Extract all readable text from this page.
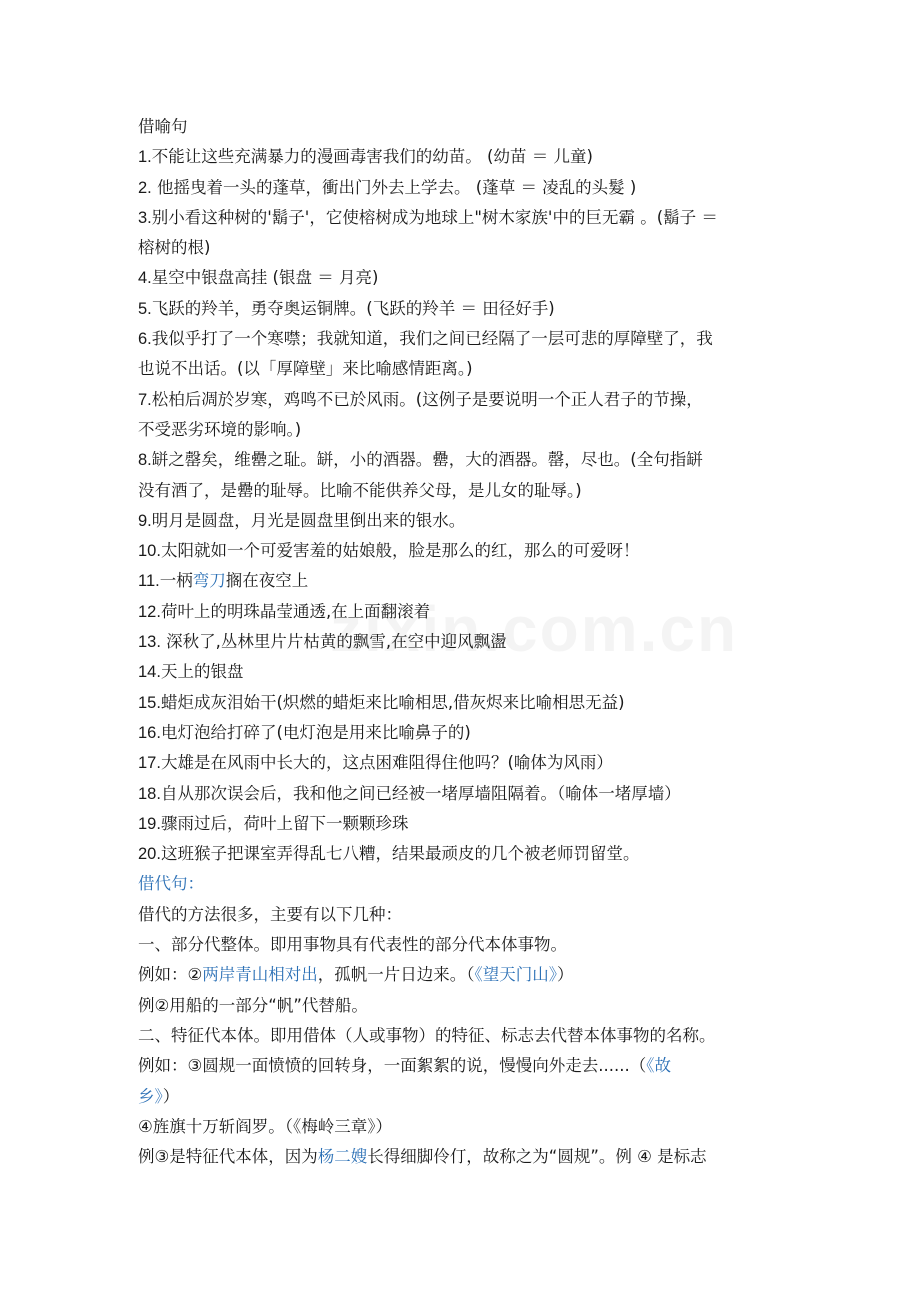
借喻句
1.不能让这些充满暴力的漫画毒害我们的幼苗。 (幼苗 ＝ 儿童)
2. 他摇曳着一头的蓬草，衝出门外去上学去。 (蓬草 ＝ 凌乱的头髮 )
3.别小看这种树的'鬍子'，它使榕树成为地球上"树木家族'中的巨无霸 。(鬍子 ＝
榕树的根)
4.星空中银盘高挂 (银盘 ＝ 月亮)
5.飞跃的羚羊，勇夺奥运铜牌。(飞跃的羚羊 ＝ 田径好手)
6.我似乎打了一个寒噤；我就知道，我们之间已经隔了一层可悲的厚障壁了，我
也说不出话。(以「厚障壁」来比喻感情距离。)
7.松柏后凋於岁寒，鸡鸣不已於风雨。(这例子是要说明一个正人君子的节操，
不受恶劣环境的影响。)
8.缾之罄矣，维罍之耻。缾，小的酒器。罍，大的酒器。罄，尽也。(全句指缾
没有酒了，是罍的耻辱。比喻不能供养父母，是儿女的耻辱。)
9.明月是圆盘，月光是圆盘里倒出来的银水。
10.太阳就如一个可爱害羞的姑娘般，脸是那么的红，那么的可爱呀！
11.一柄弯刀搁在夜空上
12.荷叶上的明珠晶莹通透,在上面翻滚着
13. 深秋了,丛林里片片枯黄的飘雪,在空中迎风飘盪
14.天上的银盘
15.蜡炬成灰泪始干(炽燃的蜡炬来比喻相思,借灰烬来比喻相思无益)
16.电灯泡给打碎了(电灯泡是用来比喻鼻子的)
17.大雄是在风雨中长大的，这点困难阻得住他吗？(喻体为风雨）
18.自从那次误会后，我和他之间已经被一堵厚墙阻隔着。（喻体一堵厚墙）
19.骤雨过后，荷叶上留下一颗颗珍珠
20.这班猴子把课室弄得乱七八糟，结果最顽皮的几个被老师罚留堂。
借代句：
借代的方法很多，主要有以下几种：
一、部分代整体。即用事物具有代表性的部分代本体事物。
例如：②两岸青山相对出，孤帆一片日边来。（《望天门山》）
例②用船的一部分“帆”代替船。
二、特征代本体。即用借体（人或事物）的特征、标志去代替本体事物的名称。
例如：③圆规一面愤愤的回转身，一面絮絮的说，慢慢向外走去......（《故
乡》）
④旌旗十万斩阎罗。（《梅岭三章》）
例③是特征代本体，因为杨二嫂长得细脚伶仃，故称之为“圆规”。例 ④ 是标志
